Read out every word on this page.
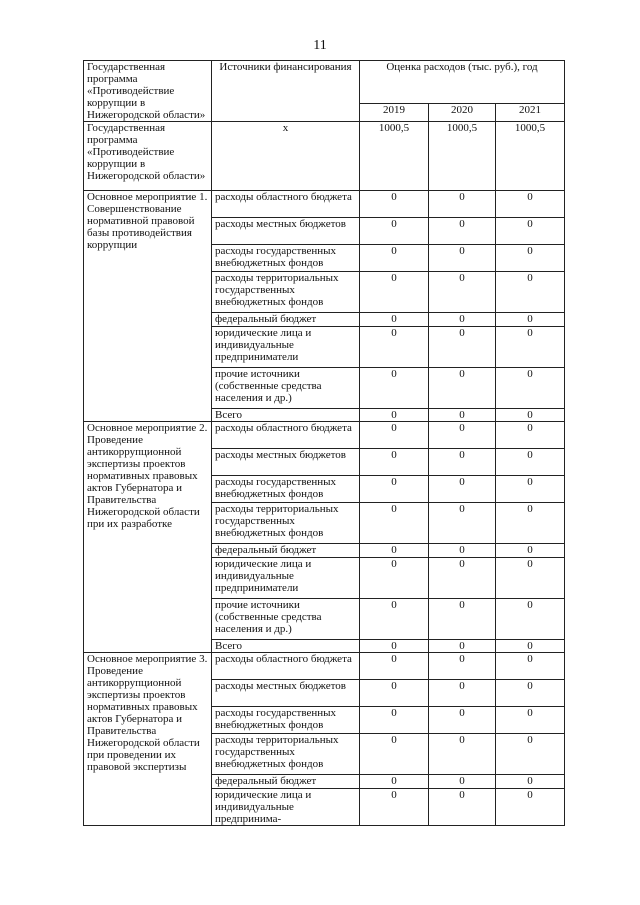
11
Государственная программа «Противодействие коррупции в Нижегородской области»	Источники финансирования	Оценка расходов (тыс. руб.), год		
		2019	2020	2021
Государственная программа «Противодействие коррупции в Нижегородской области»	х	1000,5	1000,5	1000,5
Основное мероприятие 1. Совершенствование нормативной правовой базы противодействия коррупции	расходы областного бюджета	0	0	0
	расходы местных бюджетов	0	0	0
	расходы государственных внебюджетных фондов	0	0	0
	расходы территориальных государственных внебюджетных фондов	0	0	0
	федеральный бюджет	0	0	0
	юридические лица и индивидуальные предприниматели	0	0	0
	прочие источники (собственные средства населения и др.)	0	0	0
	Всего	0	0	0
Основное мероприятие 2. Проведение антикоррупционной экспертизы проектов нормативных правовых актов Губернатора и Правительства Нижегородской области при их разработке	расходы областного бюджета	0	0	0
	расходы местных бюджетов	0	0	0
	расходы государственных внебюджетных фондов	0	0	0
	расходы территориальных государственных внебюджетных фондов	0	0	0
	федеральный бюджет	0	0	0
	юридические лица и индивидуальные предприниматели	0	0	0
	прочие источники (собственные средства населения и др.)	0	0	0
	Всего	0	0	0
Основное мероприятие 3. Проведение антикоррупционной экспертизы проектов нормативных правовых актов Губернатора и Правительства Нижегородской области при проведении их правовой экспертизы	расходы областного бюджета	0	0	0
	расходы местных бюджетов	0	0	0
	расходы государственных внебюджетных фондов	0	0	0
	расходы территориальных государственных внебюджетных фондов	0	0	0
	федеральный бюджет	0	0	0
	юридические лица и индивидуальные предпринима-	0	0	0
